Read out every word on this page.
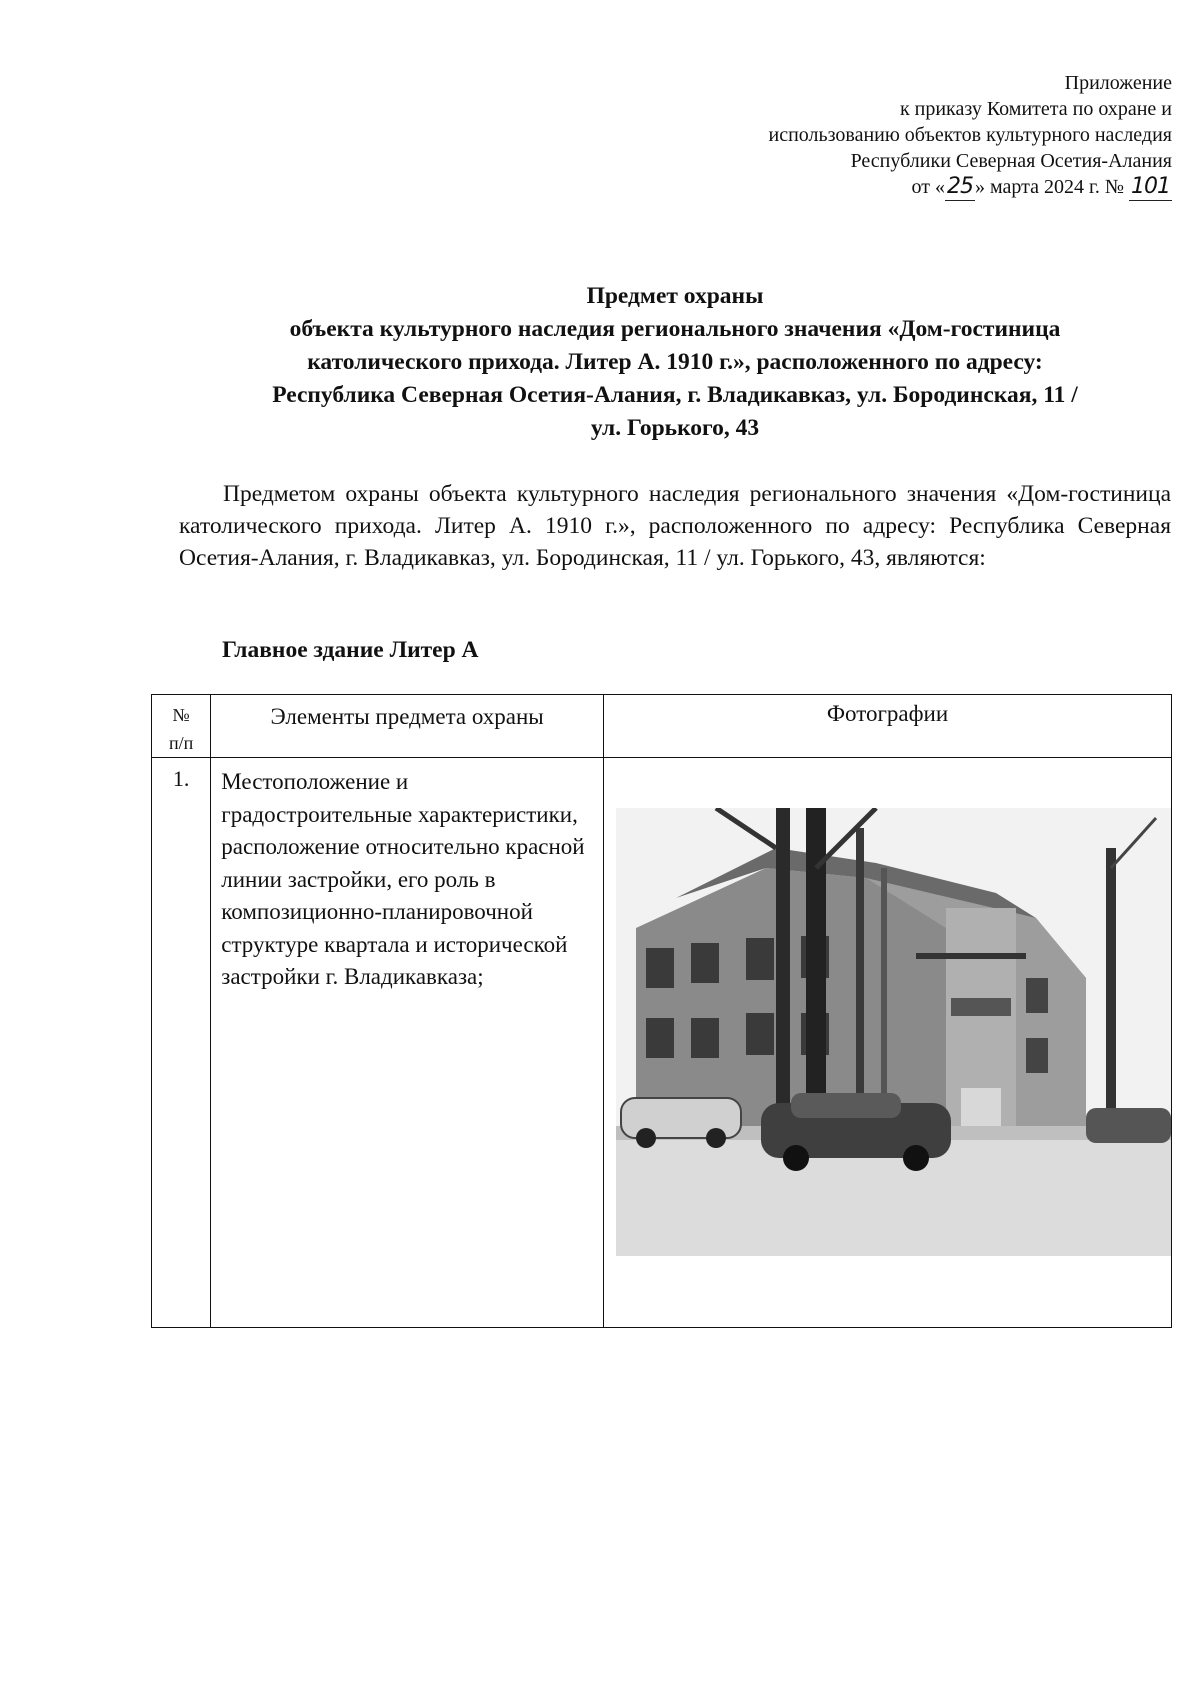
Приложение
к приказу Комитета по охране и
использованию объектов культурного наследия
Республики Северная Осетия-Алания
от «25 » марта 2024 г. № 101
Предмет охраны
объекта культурного наследия регионального значения «Дом-гостиница
католического прихода. Литер А. 1910 г.», расположенного по адресу:
Республика Северная Осетия-Алания, г. Владикавказ, ул. Бородинская, 11 /
ул. Горького, 43
Предметом охраны объекта культурного наследия регионального значения «Дом-гостиница католического прихода. Литер А. 1910 г.», расположенного по адресу: Республика Северная Осетия-Алания, г. Владикавказ, ул. Бородинская, 11 / ул. Горького, 43, являются:
Главное здание Литер А
№
п/п	Элементы предмета охраны	Фотографии
1.	Местоположение и градостроительные характеристики, расположение относительно красной линии застройки, его роль в композиционно-планировочной структуре квартала и исторической застройки г. Владикавказа;	
